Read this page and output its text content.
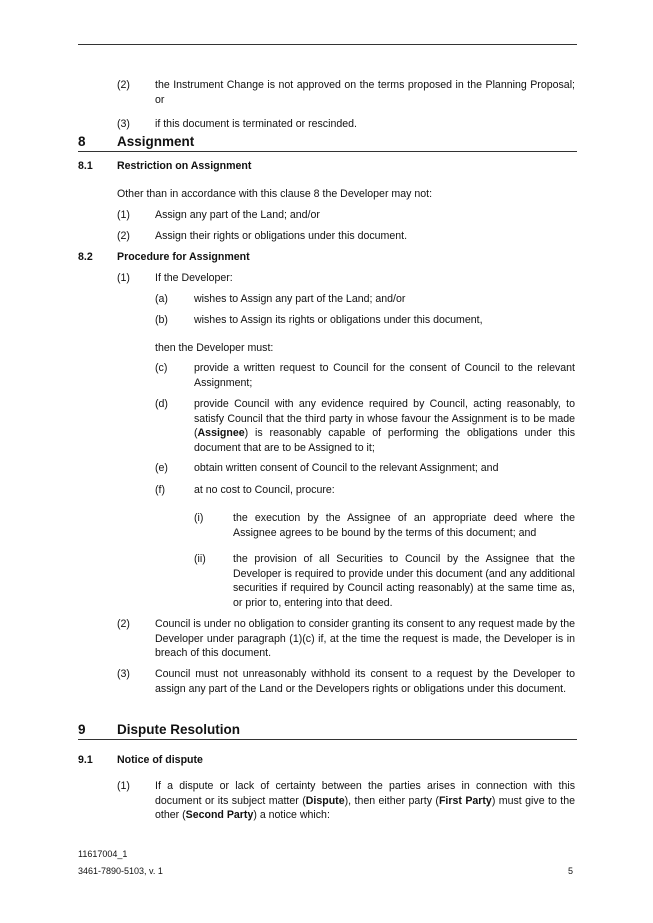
(2) the Instrument Change is not approved on the terms proposed in the Planning Proposal; or
(3) if this document is terminated or rescinded.
8 Assignment
8.1 Restriction on Assignment
Other than in accordance with this clause 8 the Developer may not:
(1) Assign any part of the Land; and/or
(2) Assign their rights or obligations under this document.
8.2 Procedure for Assignment
(1) If the Developer:
(a) wishes to Assign any part of the Land; and/or
(b) wishes to Assign its rights or obligations under this document,
then the Developer must:
(c)	provide a written request to Council for the consent of Council to the relevant Assignment;
(d) provide Council with any evidence required by Council, acting reasonably, to satisfy Council that the third party in whose favour the Assignment is to be made (Assignee) is reasonably capable of performing the obligations under this document that are to be Assigned to it;
(e) obtain written consent of Council to the relevant Assignment; and
(f)	at no cost to Council, procure:
(i)	the execution by the Assignee of an appropriate deed where the Assignee agrees to be bound by the terms of this document; and
(ii)	the provision of all Securities to Council by the Assignee that the Developer is required to provide under this document (and any additional securities if required by Council acting reasonably) at the same time as, or prior to, entering into that deed.
(2) Council is under no obligation to consider granting its consent to any request made by the Developer under paragraph (1)(c) if, at the time the request is made, the Developer is in breach of this document.
(3) Council must not unreasonably withhold its consent to a request by the Developer to assign any part of the Land or the Developers rights or obligations under this document.
9 Dispute Resolution
9.1 Notice of dispute
(1) If a dispute or lack of certainty between the parties arises in connection with this document or its subject matter (Dispute), then either party (First Party) must give to the other (Second Party) a notice which:
11617004_1
3461-7890-5103, v. 1	5
